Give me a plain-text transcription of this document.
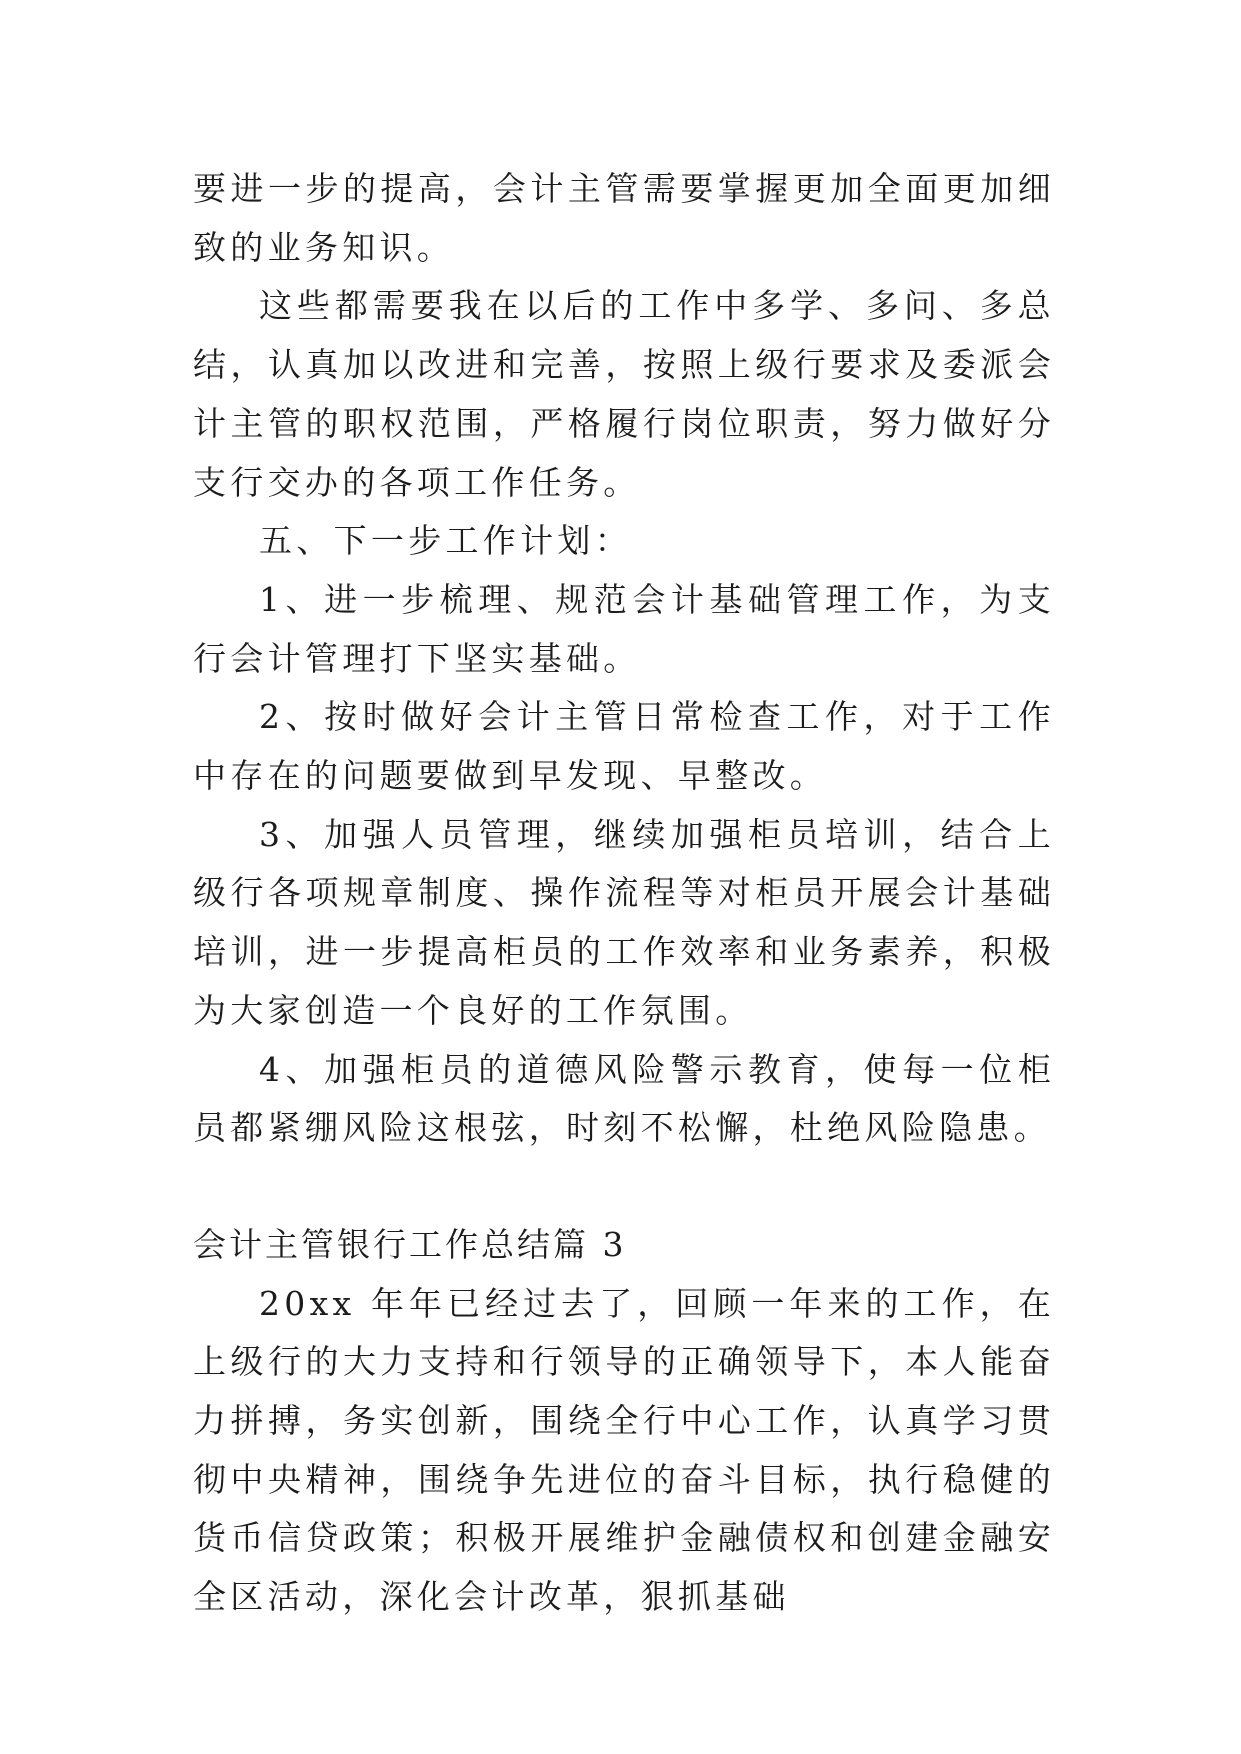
要进一步的提高，会计主管需要掌握更加全面更加细致的业务知识。

这些都需要我在以后的工作中多学、多问、多总结，认真加以改进和完善，按照上级行要求及委派会计主管的职权范围，严格履行岗位职责，努力做好分支行交办的各项工作任务。

五、下一步工作计划：

1、进一步梳理、规范会计基础管理工作，为支行会计管理打下坚实基础。

2、按时做好会计主管日常检查工作，对于工作中存在的问题要做到早发现、早整改。

3、加强人员管理，继续加强柜员培训，结合上级行各项规章制度、操作流程等对柜员开展会计基础培训，进一步提高柜员的工作效率和业务素养，积极为大家创造一个良好的工作氛围。

4、加强柜员的道德风险警示教育，使每一位柜员都紧绷风险这根弦，时刻不松懈，杜绝风险隐患。

会计主管银行工作总结篇 3

20xx 年年已经过去了，回顾一年来的工作，在上级行的大力支持和行领导的正确领导下，本人能奋力拼搏，务实创新，围绕全行中心工作，认真学习贯彻中央精神，围绕争先进位的奋斗目标，执行稳健的货币信贷政策；积极开展维护金融债权和创建金融安全区活动，深化会计改革，狠抓基础
